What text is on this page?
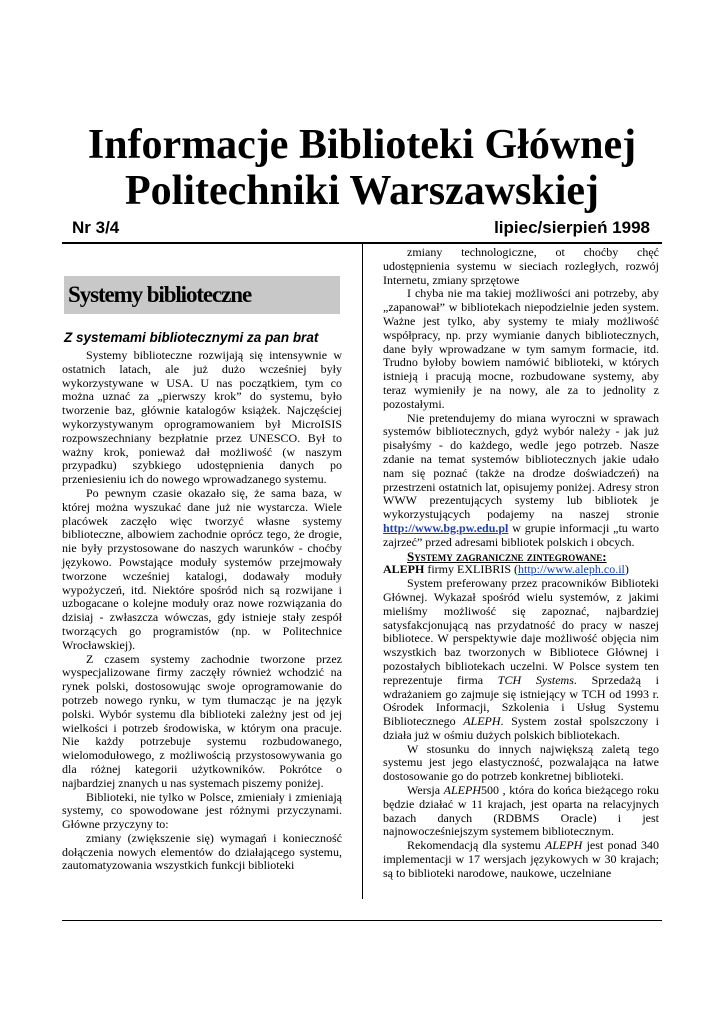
Informacje Biblioteki Głównej
Politechniki Warszawskiej
Nr 3/4	lipiec/sierpień 1998
Systemy biblioteczne
Z systemami bibliotecznymi za pan brat

Systemy biblioteczne rozwijają się intensywnie w ostatnich latach, ale już dużo wcześniej były wykorzystywane w USA. U nas początkiem, tym co można uznać za „pierwszy krok” do systemu, było tworzenie baz, głównie katalogów książek. Najczęściej wykorzystywanym oprogramowaniem był MicroISIS rozpowszechniany bezpłatnie przez UNESCO. Był to ważny krok, ponieważ dał możliwość (w naszym przypadku) szybkiego udostępnienia danych po przeniesieniu ich do nowego wprowadzanego systemu.

Po pewnym czasie okazało się, że sama baza, w której można wyszukać dane już nie wystarcza. Wiele placówek zaczęło więc tworzyć własne systemy biblioteczne, albowiem zachodnie oprócz tego, że drogie, nie były przystosowane do naszych warunków - choćby językowo. Powstające moduły systemów przejmowały tworzone wcześniej katalogi, dodawały moduły wypożyczeń, itd. Niektóre spośród nich są rozwijane i uzbogacane o kolejne moduły oraz nowe rozwiązania do dzisiaj - zwłaszcza wówczas, gdy istnieje stały zespół tworzących go programistów (np. w Politechnice Wrocławskiej).

Z czasem systemy zachodnie tworzone przez wyspecjalizowane firmy zaczęły również wchodzić na rynek polski, dostosowując swoje oprogramowanie do potrzeb nowego rynku, w tym tłumacząc je na język polski. Wybór systemu dla biblioteki zależny jest od jej wielkości i potrzeb środowiska, w którym ona pracuje. Nie każdy potrzebuje systemu rozbudowanego, wielomodułowego, z możliwością przystosowywania go dla różnej kategorii użytkowników. Pokrótce o najbardziej znanych u nas systemach piszemy poniżej.

Biblioteki, nie tylko w Polsce, zmieniały i zmieniają systemy, co spowodowane jest różnymi przyczynami. Główne przyczyny to:

zmiany (zwiększenie się) wymagań i konieczność dołączenia nowych elementów do działającego systemu, zautomatyzowania wszystkich funkcji biblioteki

zmiany technologiczne, ot choćby chęć udostępnienia systemu w sieciach rozległych, rozwój Internetu, zmiany sprzętowe

I chyba nie ma takiej możliwości ani potrzeby, aby „zapanował” w bibliotekach niepodzielnie jeden system. Ważne jest tylko, aby systemy te miały możliwość współpracy, np. przy wymianie danych bibliotecznych, dane były wprowadzane w tym samym formacie, itd. Trudno byłoby bowiem namówić biblioteki, w których istnieją i pracują mocne, rozbudowane systemy, aby teraz wymieniły je na nowy, ale za to jednolity z pozostałymi.

Nie pretendujemy do miana wyroczni w sprawach systemów bibliotecznych, gdyż wybór należy - jak już pisałyśmy - do każdego, wedle jego potrzeb. Nasze zdanie na temat systemów bibliotecznych jakie udało nam się poznać (także na drodze doświadczeń) na przestrzeni ostatnich lat, opisujemy poniżej. Adresy stron WWW prezentujących systemy lub bibliotek je wykorzystujących podajemy na naszej stronie http://www.bg.pw.edu.pl w grupie informacji „tu warto zajrzeć” przed adresami bibliotek polskich i obcych.

Systemy zagraniczne zintegrowane:

ALEPH firmy EXLIBRIS (http://www.aleph.co.il)

System preferowany przez pracowników Biblioteki Głównej. Wykazał spośród wielu systemów, z jakimi mieliśmy możliwość się zapoznać, najbardziej satysfakcjonującą nas przydatność do pracy w naszej bibliotece. W perspektywie daje możliwość objęcia nim wszystkich baz tworzonych w Bibliotece Głównej i pozostałych bibliotekach uczelni. W Polsce system ten reprezentuje firma TCH Systems. Sprzedażą i wdrażaniem go zajmuje się istniejący w TCH od 1993 r. Ośrodek Informacji, Szkolenia i Usług Systemu Bibliotecznego ALEPH. System został spolszczony i działa już w ośmiu dużych polskich bibliotekach.

W stosunku do innych największą zaletą tego systemu jest jego elastyczność, pozwalająca na łatwe dostosowanie go do potrzeb konkretnej biblioteki.

Wersja ALEPH500 , która do końca bieżącego roku będzie działać w 11 krajach, jest oparta na relacyjnych bazach danych (RDBMS Oracle) i jest najnowocześniejszym systemem bibliotecznym.

Rekomendacją dla systemu ALEPH jest ponad 340 implementacji w 17 wersjach językowych w 30 krajach; są to biblioteki narodowe, naukowe, uczelniane
